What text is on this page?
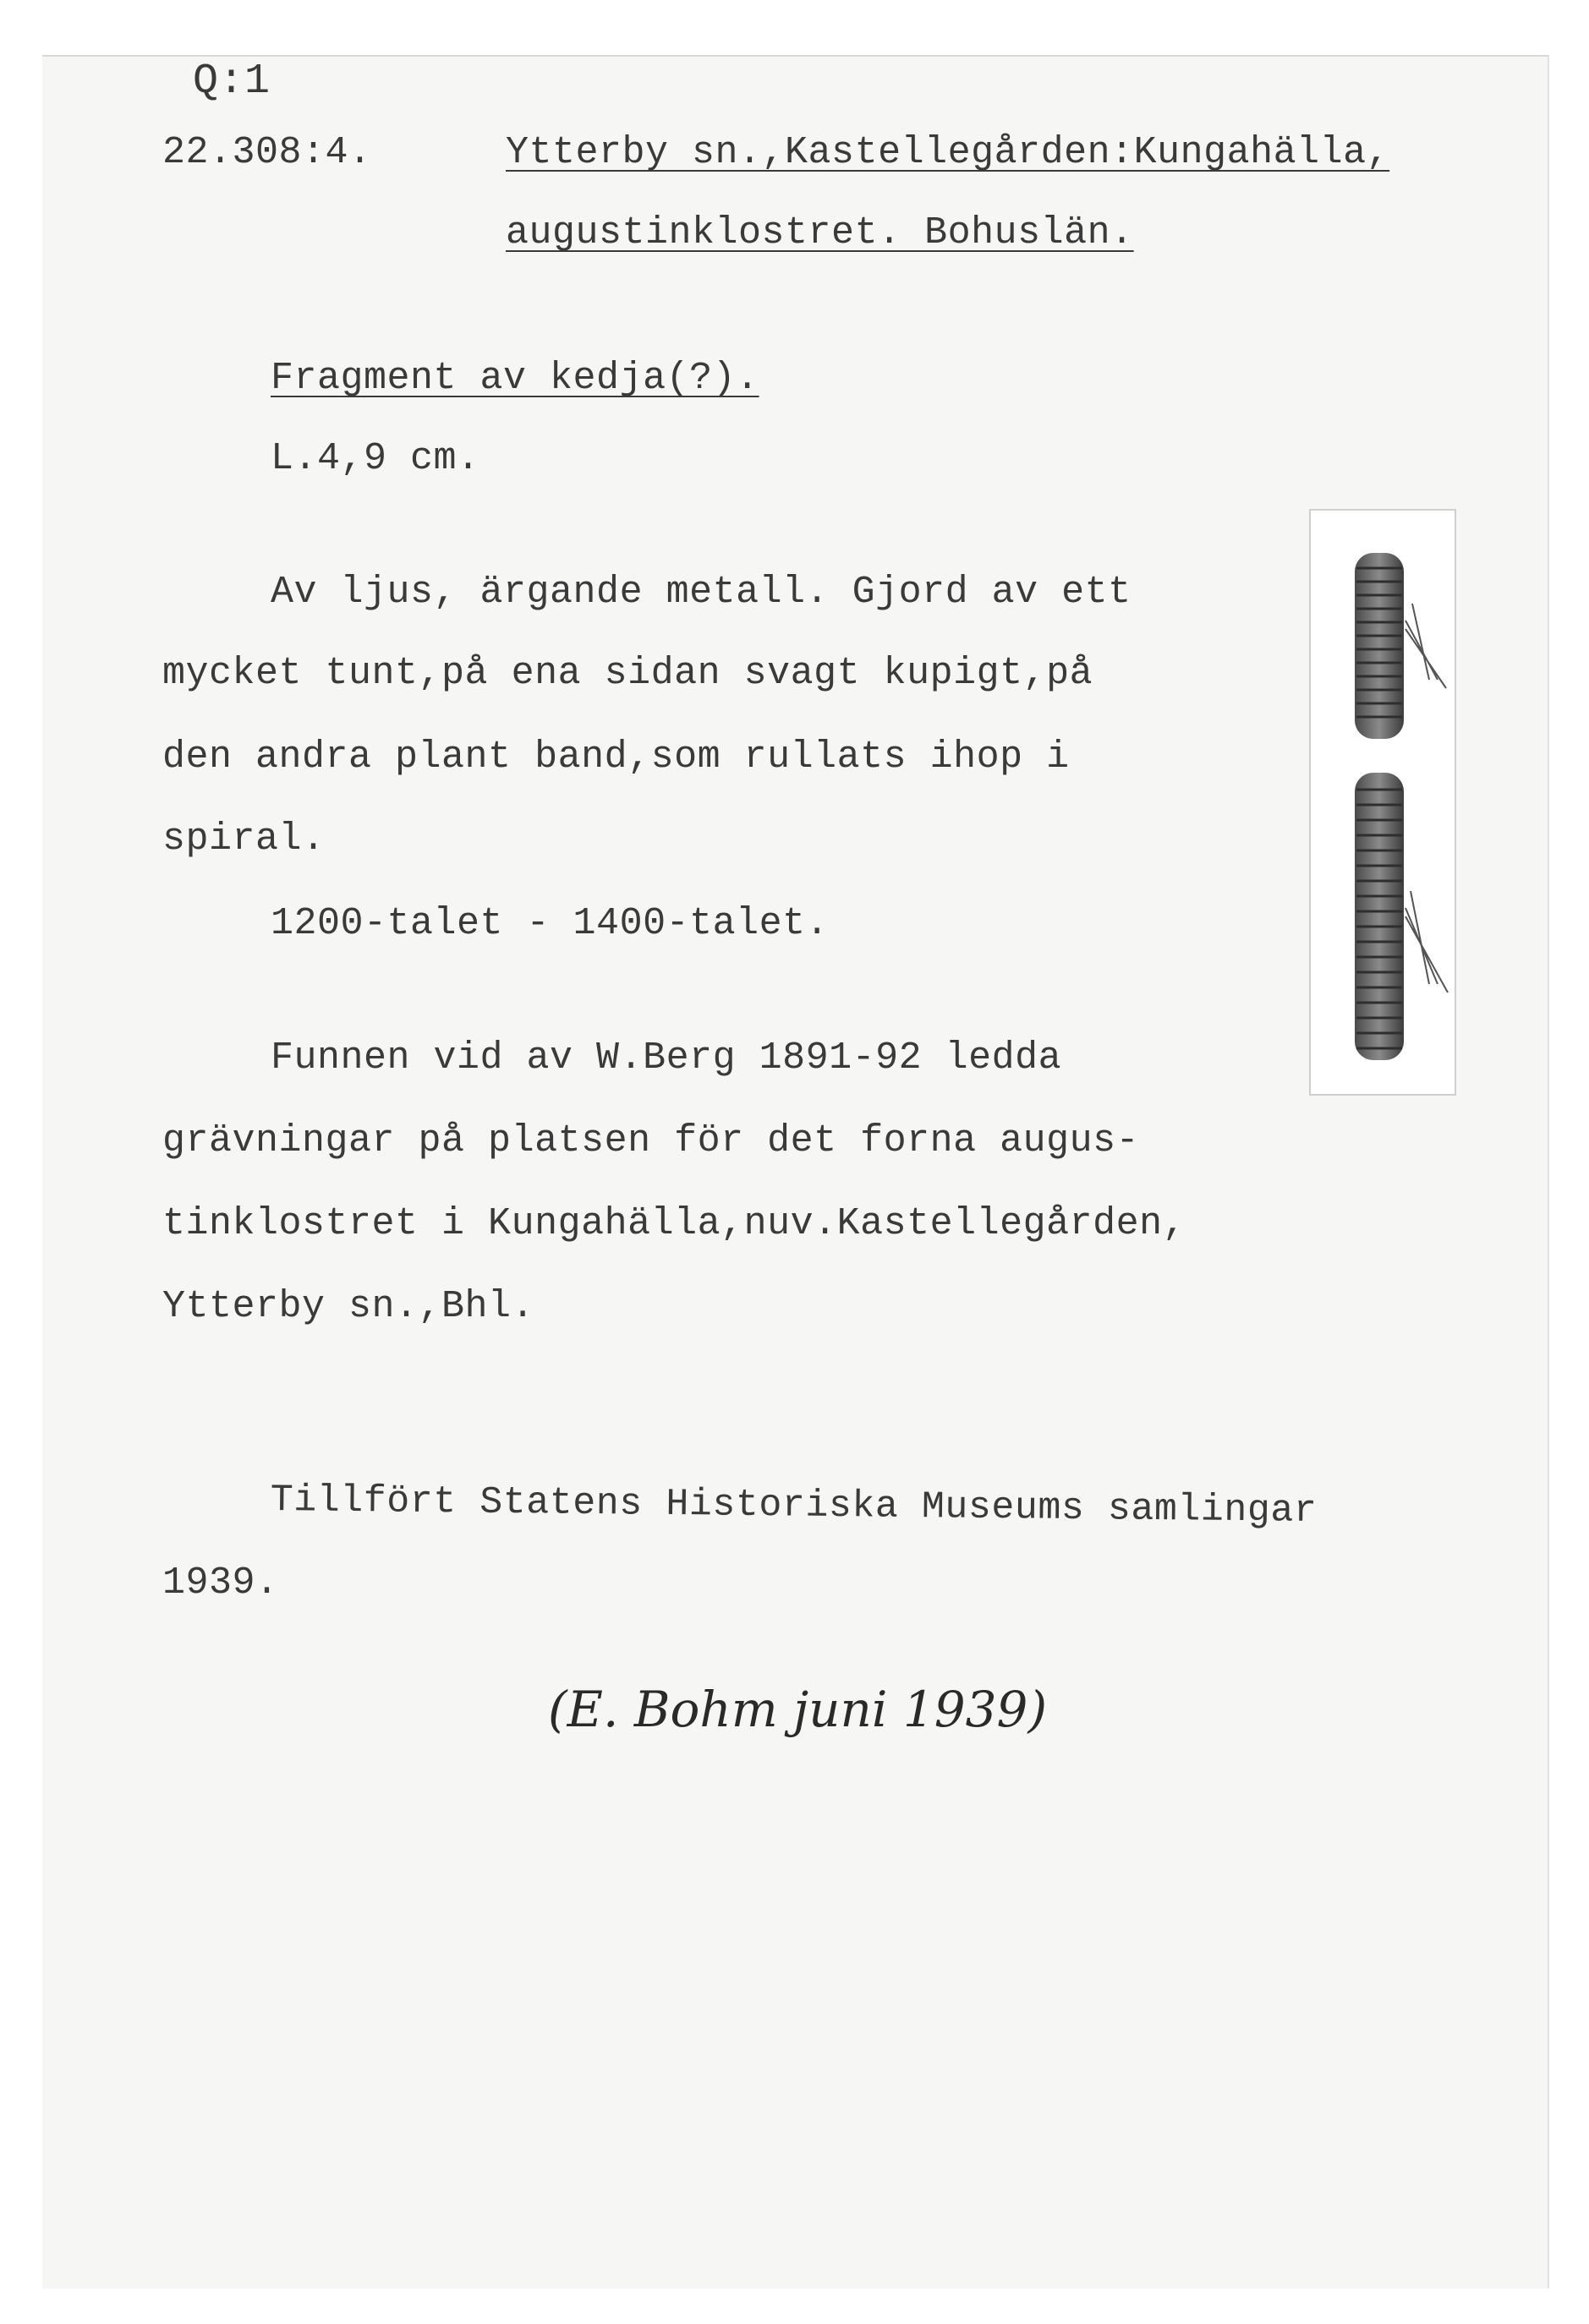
Q:1
22.308:4.	Ytterby sn.,Kastellegården:Kungahälla,
augustinklostret. Bohuslän.
Fragment av kedja(?).
L.4,9 cm.
Av ljus, ärgande metall. Gjord av ett
mycket tunt,på ena sidan svagt kupigt,på
den andra plant band,som rullats ihop i
spiral.
1200-talet - 1400-talet.
Funnen vid av W.Berg 1891-92 ledda
grävningar på platsen för det forna augus-
tinklostret i Kungahälla,nuv.Kastellegården,
Ytterby sn.,Bhl.
Tillfört Statens Historiska Museums samlingar
1939.
(E. Bohm juni 1939)
